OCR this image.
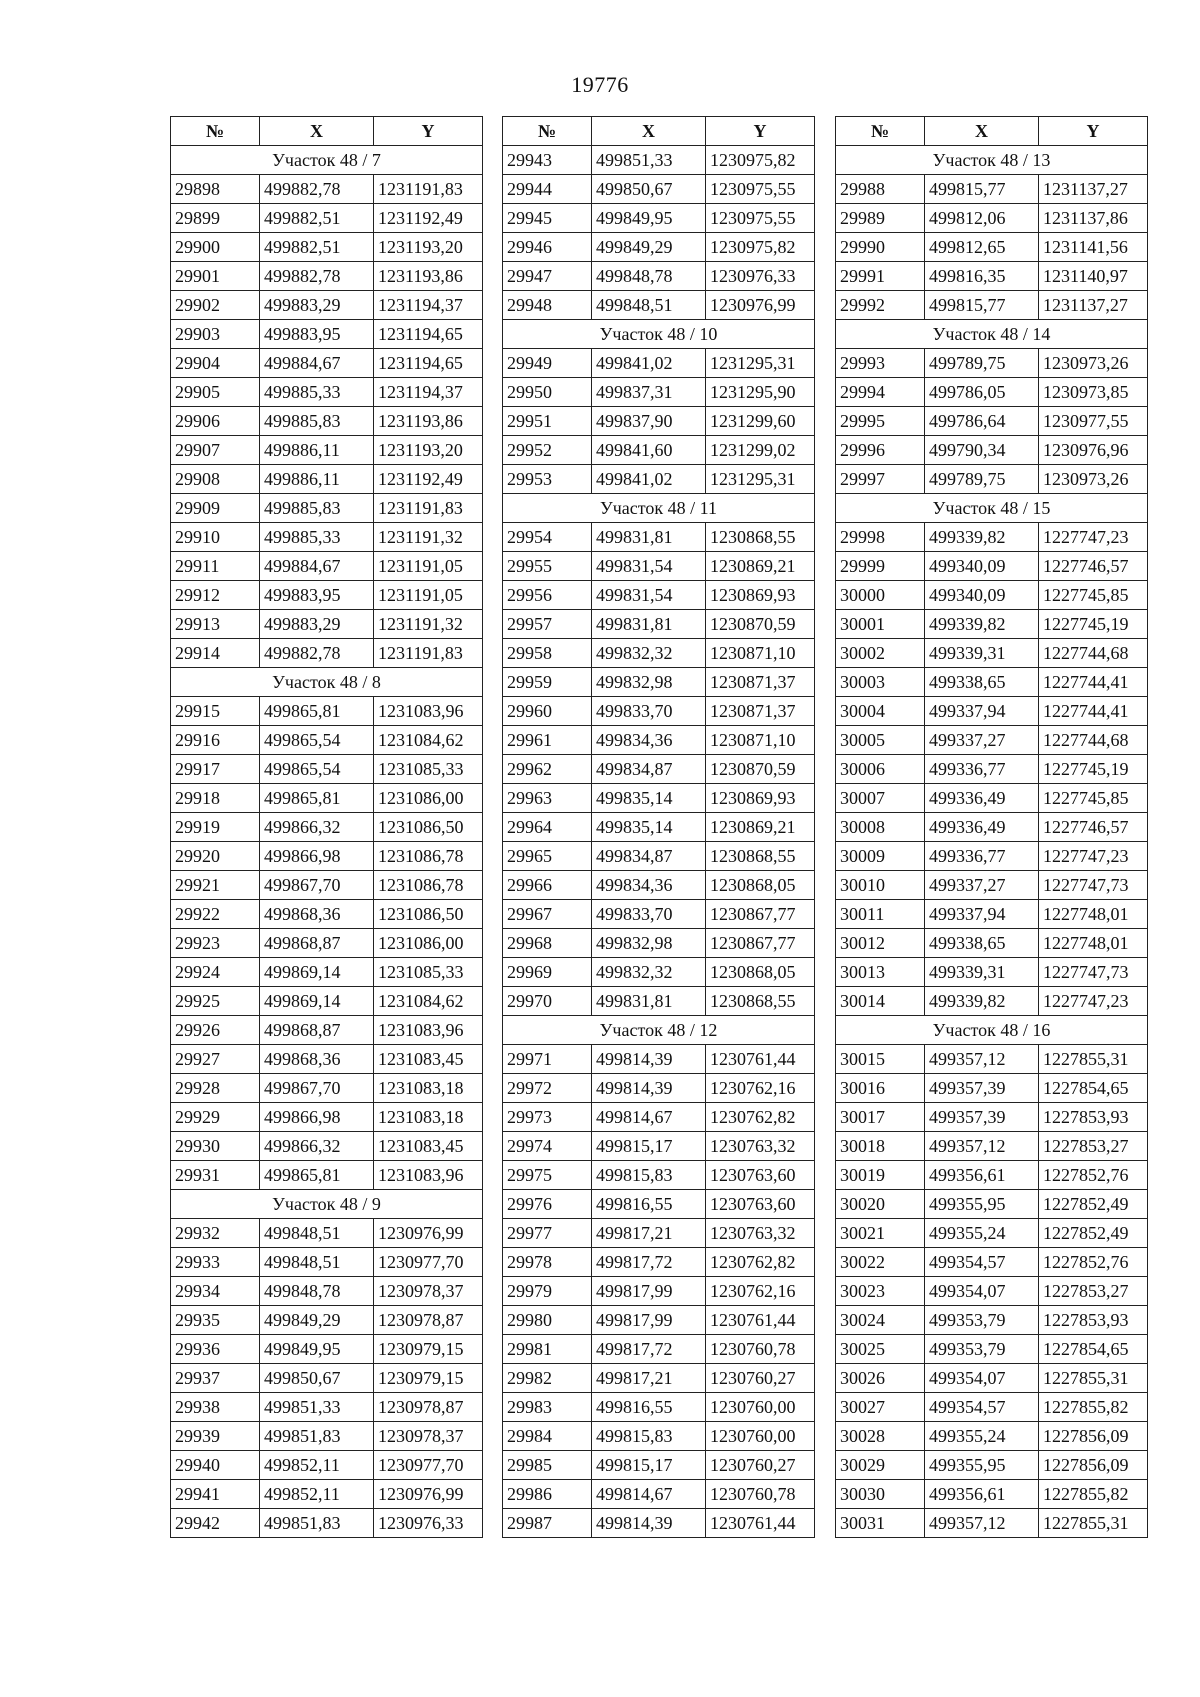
19776
№	X	Y
Участок 48 / 7		
29898	499882,78	1231191,83
29899	499882,51	1231192,49
29900	499882,51	1231193,20
29901	499882,78	1231193,86
29902	499883,29	1231194,37
29903	499883,95	1231194,65
29904	499884,67	1231194,65
29905	499885,33	1231194,37
29906	499885,83	1231193,86
29907	499886,11	1231193,20
29908	499886,11	1231192,49
29909	499885,83	1231191,83
29910	499885,33	1231191,32
29911	499884,67	1231191,05
29912	499883,95	1231191,05
29913	499883,29	1231191,32
29914	499882,78	1231191,83
Участок 48 / 8		
29915	499865,81	1231083,96
29916	499865,54	1231084,62
29917	499865,54	1231085,33
29918	499865,81	1231086,00
29919	499866,32	1231086,50
29920	499866,98	1231086,78
29921	499867,70	1231086,78
29922	499868,36	1231086,50
29923	499868,87	1231086,00
29924	499869,14	1231085,33
29925	499869,14	1231084,62
29926	499868,87	1231083,96
29927	499868,36	1231083,45
29928	499867,70	1231083,18
29929	499866,98	1231083,18
29930	499866,32	1231083,45
29931	499865,81	1231083,96
Участок 48 / 9		
29932	499848,51	1230976,99
29933	499848,51	1230977,70
29934	499848,78	1230978,37
29935	499849,29	1230978,87
29936	499849,95	1230979,15
29937	499850,67	1230979,15
29938	499851,33	1230978,87
29939	499851,83	1230978,37
29940	499852,11	1230977,70
29941	499852,11	1230976,99
29942	499851,83	1230976,33
№	X	Y
29943	499851,33	1230975,82
29944	499850,67	1230975,55
29945	499849,95	1230975,55
29946	499849,29	1230975,82
29947	499848,78	1230976,33
29948	499848,51	1230976,99
Участок 48 / 10		
29949	499841,02	1231295,31
29950	499837,31	1231295,90
29951	499837,90	1231299,60
29952	499841,60	1231299,02
29953	499841,02	1231295,31
Участок 48 / 11		
29954	499831,81	1230868,55
29955	499831,54	1230869,21
29956	499831,54	1230869,93
29957	499831,81	1230870,59
29958	499832,32	1230871,10
29959	499832,98	1230871,37
29960	499833,70	1230871,37
29961	499834,36	1230871,10
29962	499834,87	1230870,59
29963	499835,14	1230869,93
29964	499835,14	1230869,21
29965	499834,87	1230868,55
29966	499834,36	1230868,05
29967	499833,70	1230867,77
29968	499832,98	1230867,77
29969	499832,32	1230868,05
29970	499831,81	1230868,55
Участок 48 / 12		
29971	499814,39	1230761,44
29972	499814,39	1230762,16
29973	499814,67	1230762,82
29974	499815,17	1230763,32
29975	499815,83	1230763,60
29976	499816,55	1230763,60
29977	499817,21	1230763,32
29978	499817,72	1230762,82
29979	499817,99	1230762,16
29980	499817,99	1230761,44
29981	499817,72	1230760,78
29982	499817,21	1230760,27
29983	499816,55	1230760,00
29984	499815,83	1230760,00
29985	499815,17	1230760,27
29986	499814,67	1230760,78
29987	499814,39	1230761,44
№	X	Y
Участок 48 / 13		
29988	499815,77	1231137,27
29989	499812,06	1231137,86
29990	499812,65	1231141,56
29991	499816,35	1231140,97
29992	499815,77	1231137,27
Участок 48 / 14		
29993	499789,75	1230973,26
29994	499786,05	1230973,85
29995	499786,64	1230977,55
29996	499790,34	1230976,96
29997	499789,75	1230973,26
Участок 48 / 15		
29998	499339,82	1227747,23
29999	499340,09	1227746,57
30000	499340,09	1227745,85
30001	499339,82	1227745,19
30002	499339,31	1227744,68
30003	499338,65	1227744,41
30004	499337,94	1227744,41
30005	499337,27	1227744,68
30006	499336,77	1227745,19
30007	499336,49	1227745,85
30008	499336,49	1227746,57
30009	499336,77	1227747,23
30010	499337,27	1227747,73
30011	499337,94	1227748,01
30012	499338,65	1227748,01
30013	499339,31	1227747,73
30014	499339,82	1227747,23
Участок 48 / 16		
30015	499357,12	1227855,31
30016	499357,39	1227854,65
30017	499357,39	1227853,93
30018	499357,12	1227853,27
30019	499356,61	1227852,76
30020	499355,95	1227852,49
30021	499355,24	1227852,49
30022	499354,57	1227852,76
30023	499354,07	1227853,27
30024	499353,79	1227853,93
30025	499353,79	1227854,65
30026	499354,07	1227855,31
30027	499354,57	1227855,82
30028	499355,24	1227856,09
30029	499355,95	1227856,09
30030	499356,61	1227855,82
30031	499357,12	1227855,31
